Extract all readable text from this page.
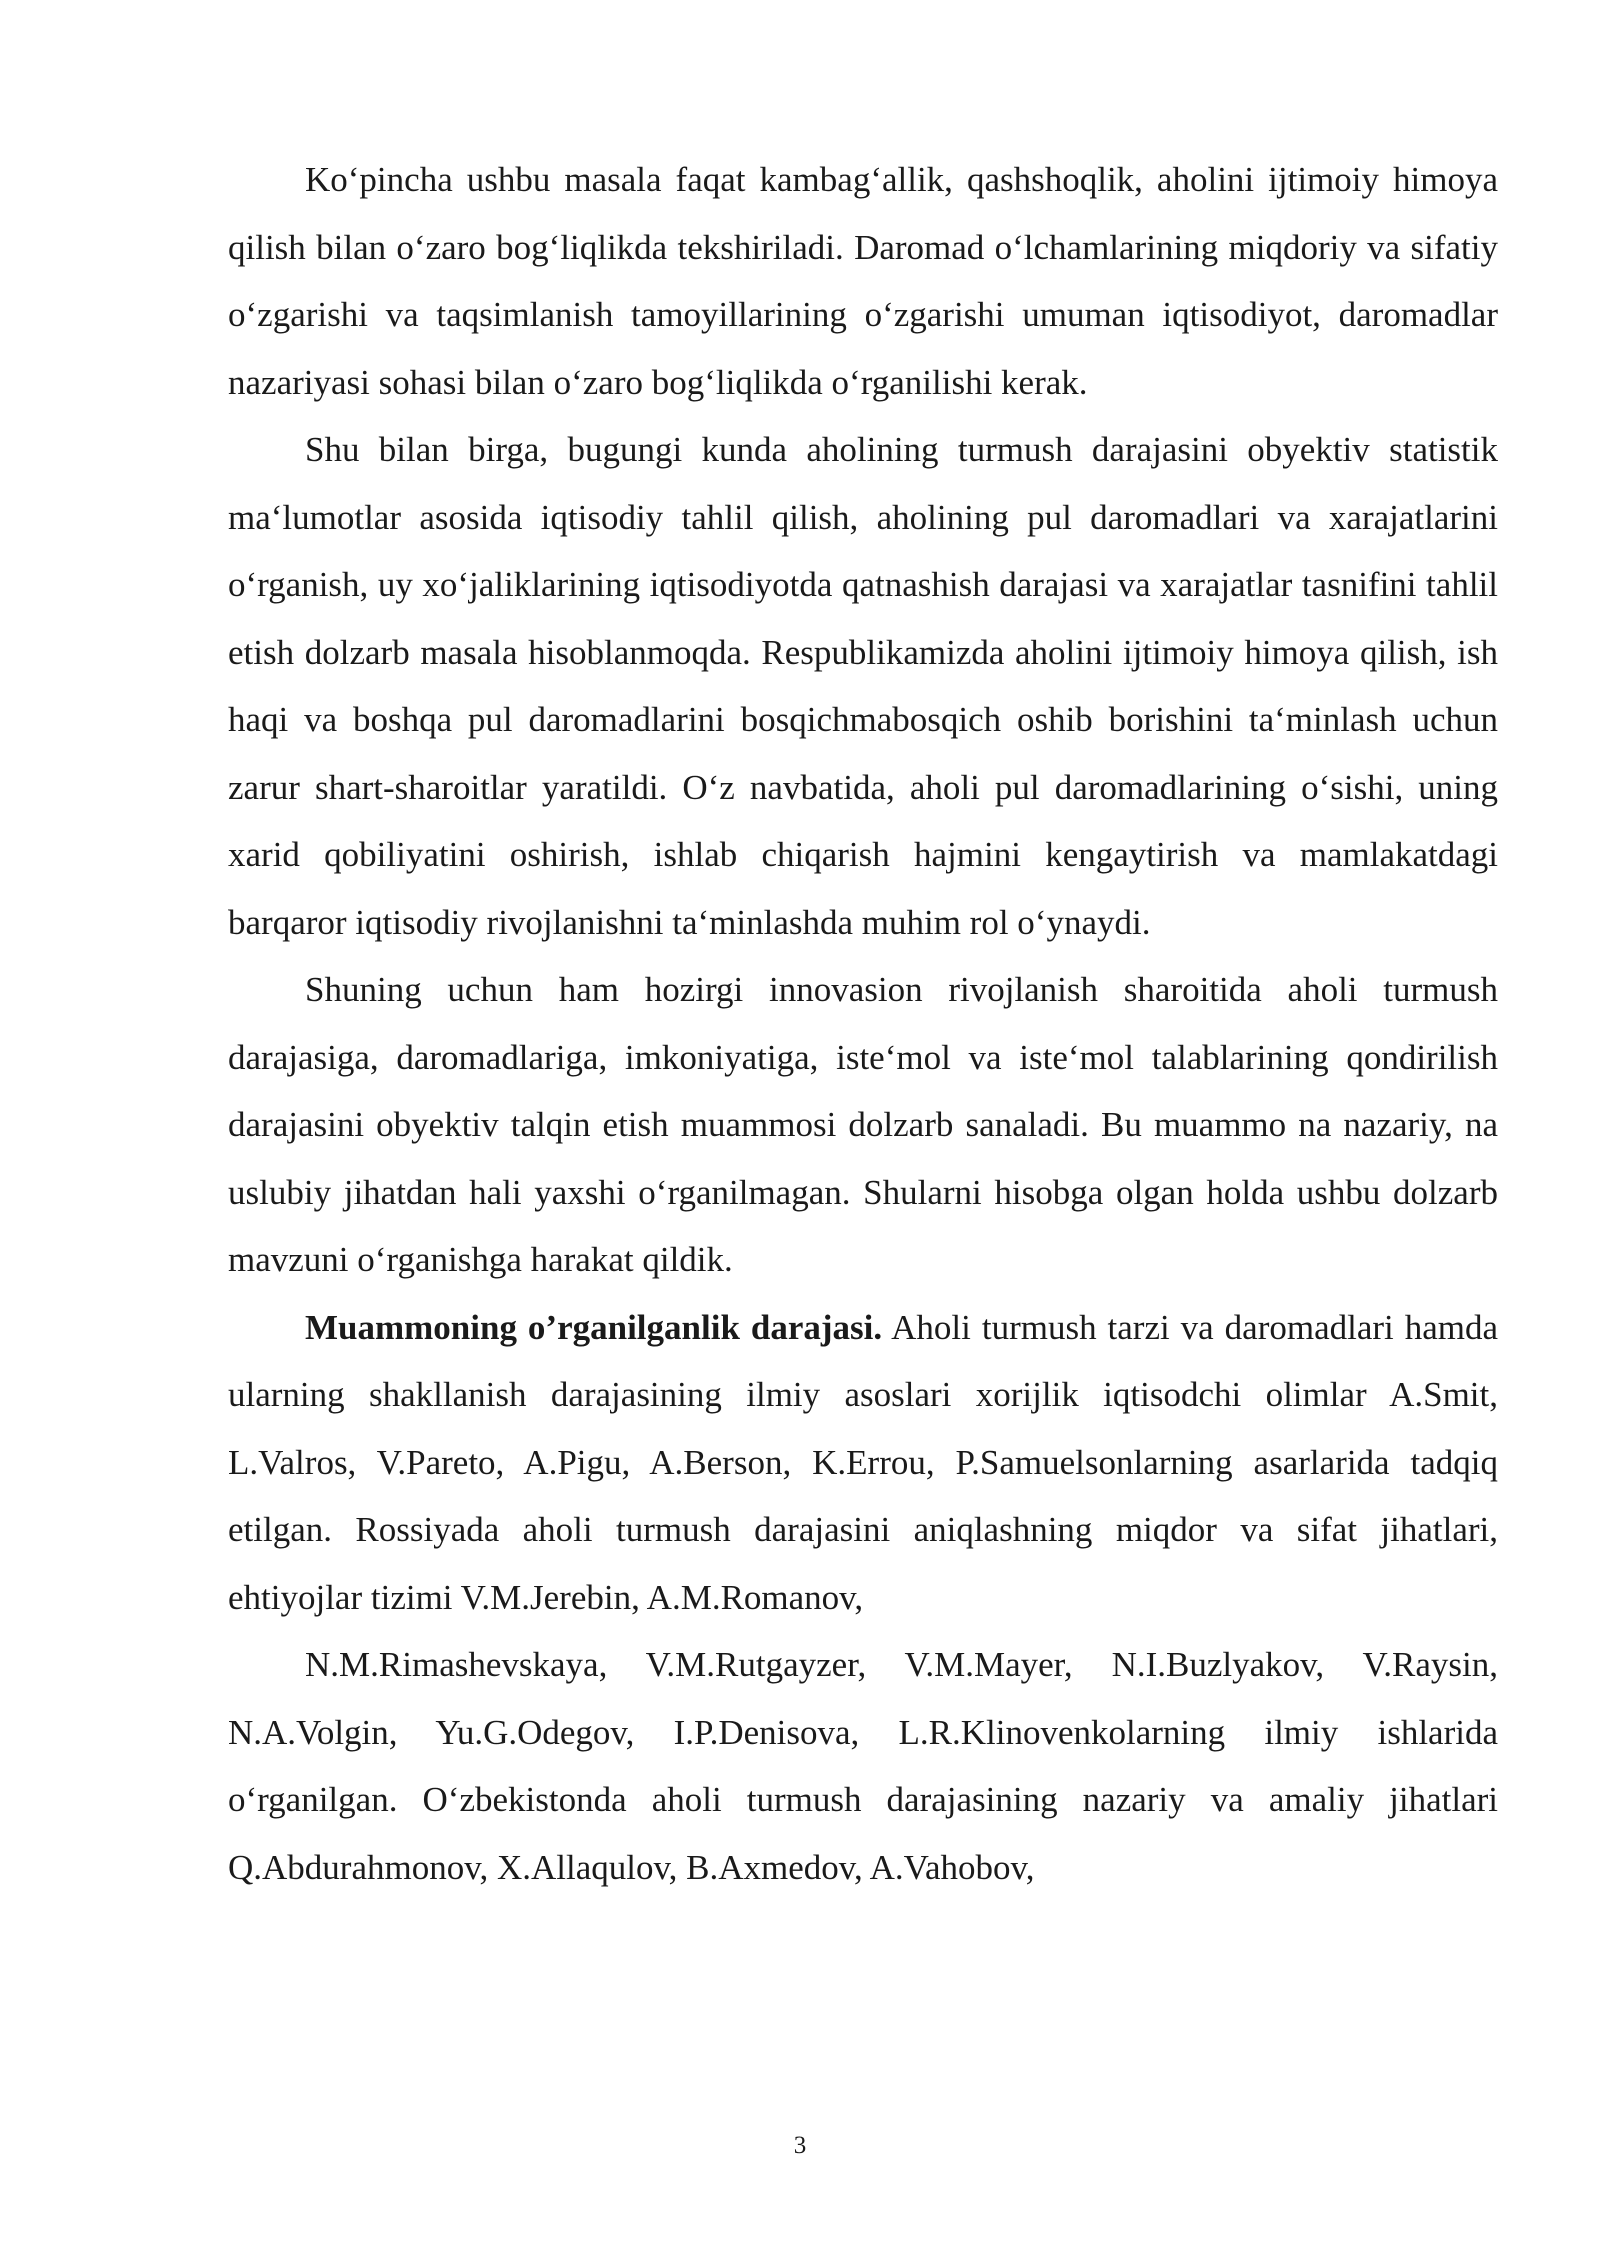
Ko‘pincha ushbu masala faqat kambag‘allik, qashshoqlik, aholini ijtimoiy himoya qilish bilan o‘zaro bog‘liqlikda tekshiriladi. Daromad o‘lchamlarining miqdoriy va sifatiy o‘zgarishi va taqsimlanish tamoyillarining o‘zgarishi umuman iqtisodiyot, daromadlar nazariyasi sohasi bilan o‘zaro bog‘liqlikda o‘rganilishi kerak.

Shu bilan birga, bugungi kunda aholining turmush darajasini obyektiv statistik ma‘lumotlar asosida iqtisodiy tahlil qilish, aholining pul daromadlari va xarajatlarini o‘rganish, uy xo‘jaliklarining iqtisodiyotda qatnashish darajasi va xarajatlar tasnifini tahlil etish dolzarb masala hisoblanmoqda. Respublikamizda aholini ijtimoiy himoya qilish, ish haqi va boshqa pul daromadlarini bosqichmabosqich oshib borishini ta‘minlash uchun zarur shart-sharoitlar yaratildi. O‘z navbatida, aholi pul daromadlarining o‘sishi, uning xarid qobiliyatini oshirish, ishlab chiqarish hajmini kengaytirish va mamlakatdagi barqaror iqtisodiy rivojlanishni ta‘minlashda muhim rol o‘ynaydi.

Shuning uchun ham hozirgi innovasion rivojlanish sharoitida aholi turmush darajasiga, daromadlariga, imkoniyatiga, iste‘mol va iste‘mol talablarining qondirilish darajasini obyektiv talqin etish muammosi dolzarb sanaladi. Bu muammo na nazariy, na uslubiy jihatdan hali yaxshi o‘rganilmagan. Shularni hisobga olgan holda ushbu dolzarb mavzuni o‘rganishga harakat qildik.

Muammoning o’rganilganlik darajasi. Aholi turmush tarzi va daromadlari hamda ularning shakllanish darajasining ilmiy asoslari xorijlik iqtisodchi olimlar A.Smit, L.Valros, V.Pareto, A.Pigu, A.Berson, K.Errou, P.Samuelsonlarning asarlarida tadqiq etilgan. Rossiyada aholi turmush darajasini aniqlashning miqdor va sifat jihatlari, ehtiyojlar tizimi V.M.Jerebin, A.M.Romanov,

N.M.Rimashevskaya, V.M.Rutgayzer, V.M.Mayer, N.I.Buzlyakov, V.Raysin, N.A.Volgin, Yu.G.Odegov, I.P.Denisova, L.R.Klinovenkolarning ilmiy ishlarida o‘rganilgan. O‘zbekistonda aholi turmush darajasining nazariy va amaliy jihatlari Q.Abdurahmonov, X.Allaqulov, B.Axmedov, A.Vahobov,

3
